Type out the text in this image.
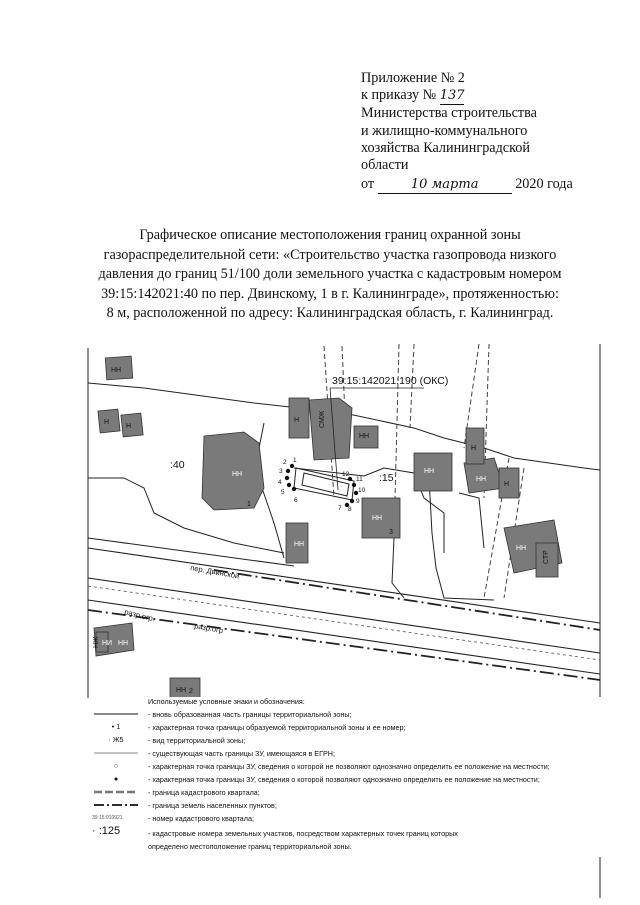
Приложение № 2
к приказу № 137
Министерства строительства
и жилищно-коммунального
хозяйства Калининградской
области
от	10 марта	2020 года
Графическое описание местоположения границ охранной зоны
газораспределительной сети: «Строительство участка газопровода низкого
давления до границ 51/100 доли земельного участка с кадастровым номером
39:15:142021:40 по пер. Двинскому, 1 в г. Калининграде», протяженностью:
8 м, расположенной по адресу: Калининградская область, г. Калининград.
НН
Н
НН
Н
Н
НН
СМЖ
НН
НН
НН
НН
Н
НН
Н
НН
СТР
НИ НН
НЖ
1
3
2
39:15:142021:190 (ОКС)
:40
:15
пер. Двинской
разр.огр.
разр.огр
1
2
3
4
5
6
7 8
9
10
11
12
Используемые условные знаки и обозначения:
- вновь образованная часть границы территориальной зоны;
• 1	- характерная точка границы образуемой территориальной зоны и ее номер;
· Ж5	- вид территориальной зоны;
- существующая часть границы ЗУ, имеющаяся в ЕГРН;
○	- характерная точка границы ЗУ, сведения о которой не позволяют однозначно определить ее положение на местности;
●	- характерная точка границы ЗУ, сведения о которой позволяют однозначно определить ее положение на местности;
- граница кадастрового квартала;
- граница земель населенных пунктов;
39:15:010921	- номер кадастрового квартала;
· :125	- кадастровые номера земельных участков, посредством характерных точек границ которых
определено местоположение границ территориальной зоны.
